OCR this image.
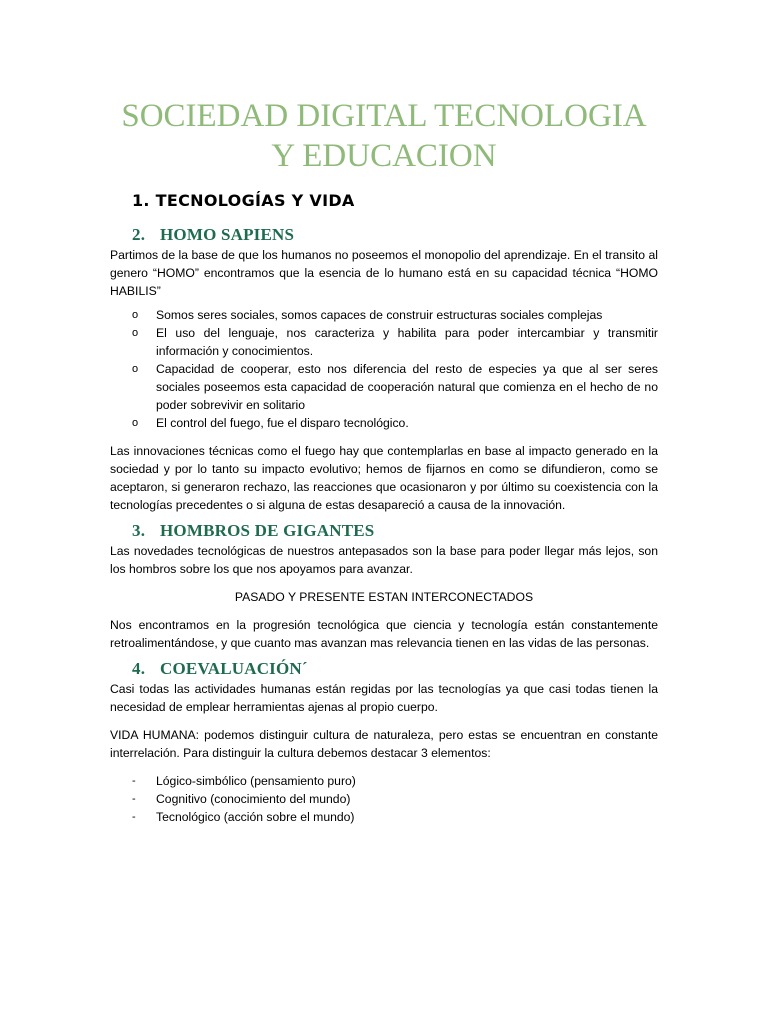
SOCIEDAD DIGITAL TECNOLOGIA
Y EDUCACION
1. TECNOLOGÍAS Y VIDA
2. HOMO SAPIENS

Partimos de la base de que los humanos no poseemos el monopolio del aprendizaje. En el transito al genero “HOMO” encontramos que la esencia de lo humano está en su capacidad técnica “HOMO HABILIS”

o	Somos seres sociales, somos capaces de construir estructuras sociales complejas
o	El uso del lenguaje, nos caracteriza y habilita para poder intercambiar y transmitir información y conocimientos.
o	Capacidad de cooperar, esto nos diferencia del resto de especies ya que al ser seres sociales poseemos esta capacidad de cooperación natural que comienza en el hecho de no poder sobrevivir en solitario
o	El control del fuego, fue el disparo tecnológico.

Las innovaciones técnicas como el fuego hay que contemplarlas en base al impacto generado en la sociedad y por lo tanto su impacto evolutivo; hemos de fijarnos en como se difundieron, como se aceptaron, si generaron rechazo, las reacciones que ocasionaron y por último su coexistencia con la tecnologías precedentes o si alguna de estas desapareció a causa de la innovación.

3. HOMBROS DE GIGANTES

Las novedades tecnológicas de nuestros antepasados son la base para poder llegar más lejos, son los hombros sobre los que nos apoyamos para avanzar.

PASADO Y PRESENTE ESTAN INTERCONECTADOS

Nos encontramos en la progresión tecnológica que ciencia y tecnología están constantemente retroalimentándose, y que cuanto mas avanzan mas relevancia tienen en las vidas de las personas.

4. COEVALUACIÓN´

Casi todas las actividades humanas están regidas por las tecnologías ya que casi todas tienen la necesidad de emplear herramientas ajenas al propio cuerpo.

VIDA HUMANA: podemos distinguir cultura de naturaleza, pero estas se encuentran en constante interrelación. Para distinguir la cultura debemos destacar 3 elementos:

-	Lógico-simbólico (pensamiento puro)
-	Cognitivo (conocimiento del mundo)
-	Tecnológico (acción sobre el mundo)
